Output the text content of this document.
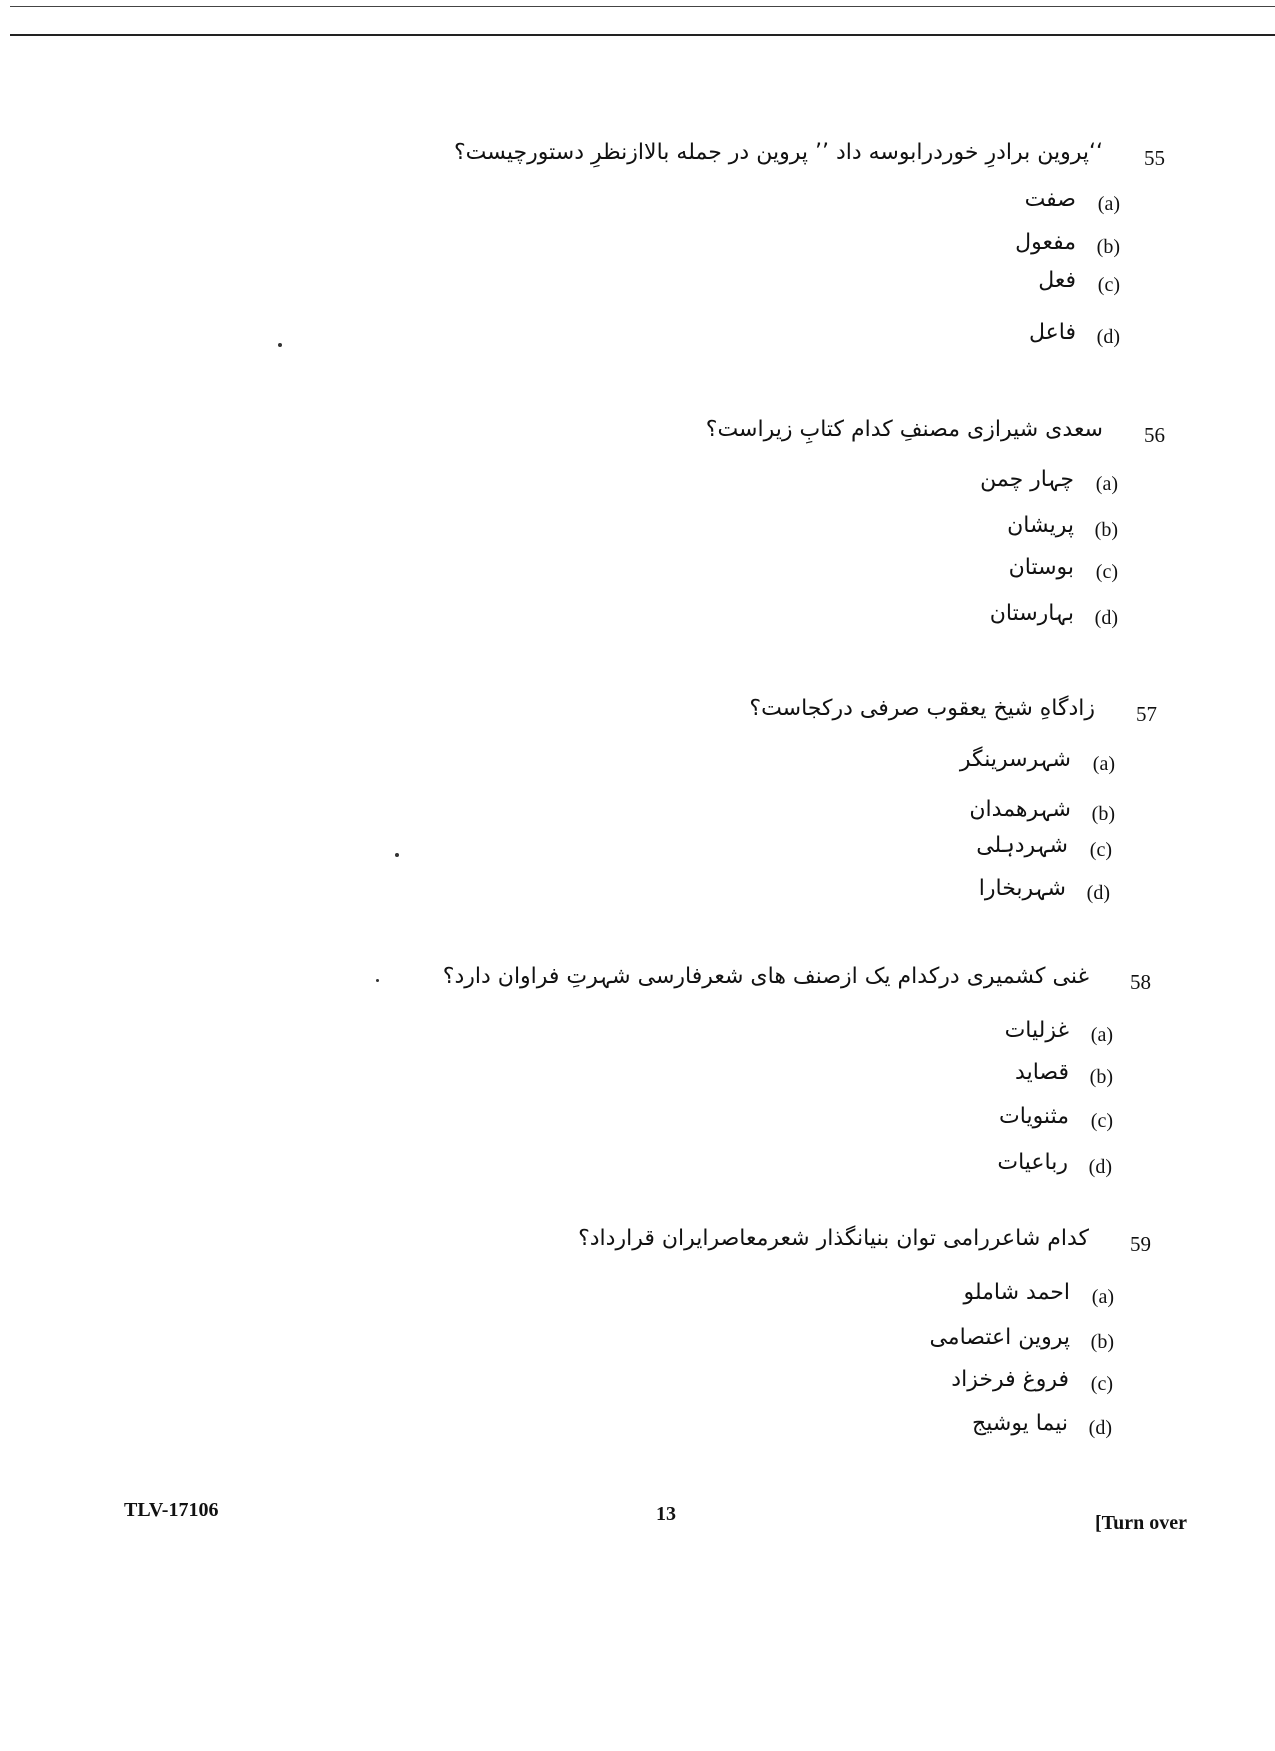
55
‘‘پروین برادرِ خوردرابوسه داد ’’ پروین در جمله بالاازنظرِ دستورچیست؟
(a)
صفت
(b)
مفعول
(c)
فعل
(d)
فاعل
56
سعدی شیرازی مصنفِ کدام کتابِ زیراست؟
(a)
چہار چمن
(b)
پریشان
(c)
بوستان
(d)
بہارستان
57
زادگاهِ شیخ یعقوب صرفی درکجاست؟
(a)
شہرسرینگر
(b)
شہرهمدان
(c)
شہردہلی
(d)
شہربخارا
58
غنی کشمیری درکدام یک ازصنف های شعرفارسی شہرتِ فراوان دارد؟
(a)
غزلیات
(b)
قصاید
(c)
مثنویات
(d)
رباعیات
59
کدام شاعررامی توان بنیانگذار شعرمعاصرایران قرارداد؟
(a)
احمد شاملو
(b)
پروین اعتصامی
(c)
فروغ فرخزاد
(d)
نیما یوشیج
TLV-17106	13	[Turn over
